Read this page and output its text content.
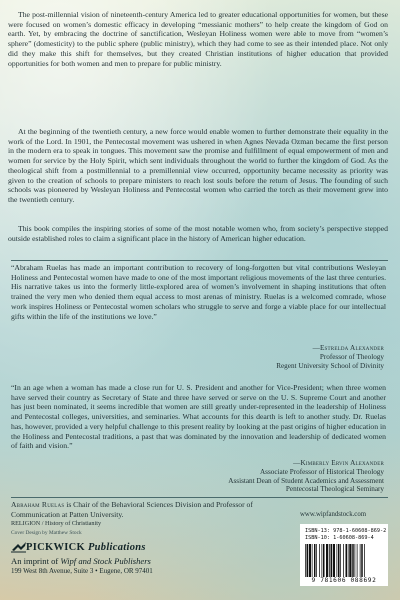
The post-millennial vision of nineteenth-century America led to greater educational opportunities for women, but these were focused on women’s domestic efficacy in developing “messianic mothers” to help create the kingdom of God on earth. Yet, by embracing the doctrine of sanctification, Wesleyan Holiness women were able to move from “women’s sphere” (domesticity) to the public sphere (public ministry), which they had come to see as their intended place. Not only did they make this shift for themselves, but they created Christian institutions of higher education that provided opportunities for both women and men to prepare for public ministry.

At the beginning of the twentieth century, a new force would enable women to further demonstrate their equality in the work of the Lord. In 1901, the Pentecostal movement was ushered in when Agnes Nevada Ozman became the first person in the modern era to speak in tongues. This movement saw the promise and fulfillment of equal empowerment of men and women for service by the Holy Spirit, which sent individuals throughout the world to further the kingdom of God. As the theological shift from a postmillennial to a premillennial view occurred, opportunity became necessity as priority was given to the creation of schools to prepare ministers to reach lost souls before the return of Jesus. The founding of such schools was pioneered by Wesleyan Holiness and Pentecostal women who carried the torch as their movement grew into the twentieth century.

This book compiles the inspiring stories of some of the most notable women who, from society’s perspective stepped outside established roles to claim a significant place in the history of American higher education.

“Abraham Ruelas has made an important contribution to recovery of long-forgotten but vital contributions Wesleyan Holiness and Pentecostal women have made to one of the most important religious movements of the last three centuries. His narrative takes us into the formerly little-explored area of women’s involvement in shaping institutions that often trained the very men who denied them equal access to most arenas of ministry. Ruelas is a welcomed comrade, whose work inspires Holiness or Pentecostal women scholars who struggle to serve and forge a viable place for our intellectual gifts within the life of the institutions we love.”

—Estrelda Alexander
Professor of Theology
Regent University School of Divinity

“In an age when a woman has made a close run for U. S. President and another for Vice-President; when three women have served their country as Secretary of State and three have served or serve on the U. S. Supreme Court and another has just been nominated, it seems incredible that women are still greatly under-represented in the leadership of Holiness and Pentecostal colleges, universities, and seminaries. What accounts for this dearth is left to another study. Dr. Ruelas has, however, provided a very helpful challenge to this present reality by looking at the past origins of higher education in the Holiness and Pentecostal traditions, a past that was dominated by the innovation and leadership of dedicated women of faith and vision.”

—Kimberly Ervin Alexander
Associate Professor of Historical Theology
Assistant Dean of Student Academics and Assessment
Pentecostal Theological Seminary

Abraham Ruelas is Chair of the Behavioral Sciences Division and Professor of Communication at Patten University.

RELIGION / History of Christianity

Cover Design by Matthew Stock

PICKWICK Publications

An imprint of Wipf and Stock Publishers

199 West 8th Avenue, Suite 3 • Eugene, OR 97401

www.wipfandstock.com

ISBN-13: 978-1-60608-869-2

ISBN-10: 1-60608-869-4

9 781606 088692
